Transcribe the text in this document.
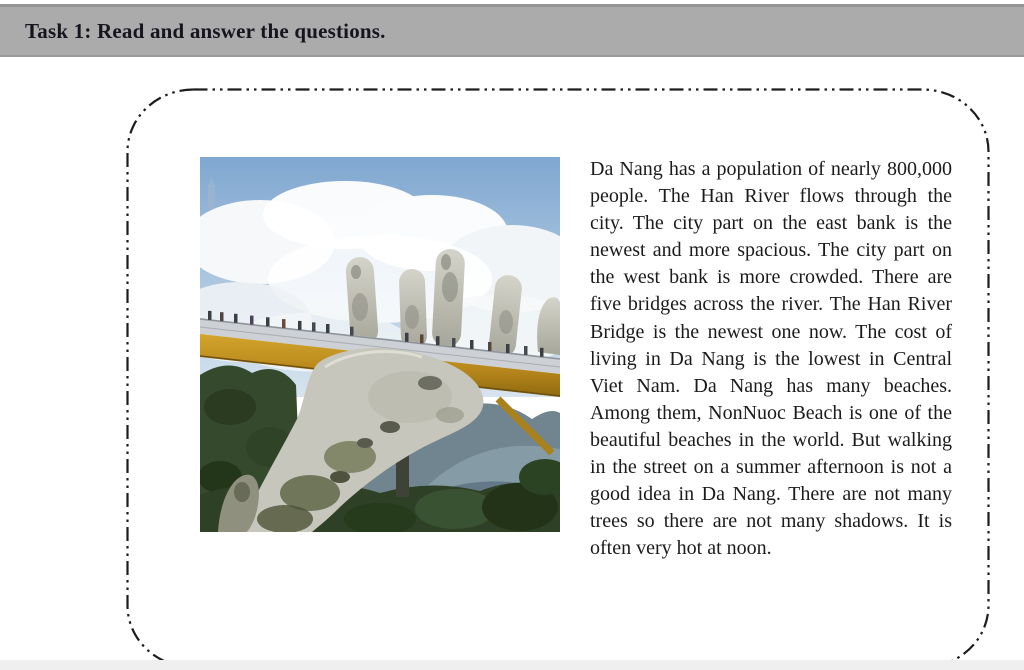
Task 1: Read and answer the questions.

Da Nang has a population of nearly 800,000 people. The Han River flows through the city. The city part on the east bank is the newest and more spacious. The city part on the west bank is more crowded. There are five bridges across the river. The Han River Bridge is the newest one now. The cost of living in Da Nang is the lowest in Central Viet Nam. Da Nang has many beaches. Among them, NonNuoc Beach is one of the beautiful beaches in the world. But walking in the street on a summer afternoon is not a good idea in Da Nang. There are not many trees so there are not many shadows. It is often very hot at noon.
